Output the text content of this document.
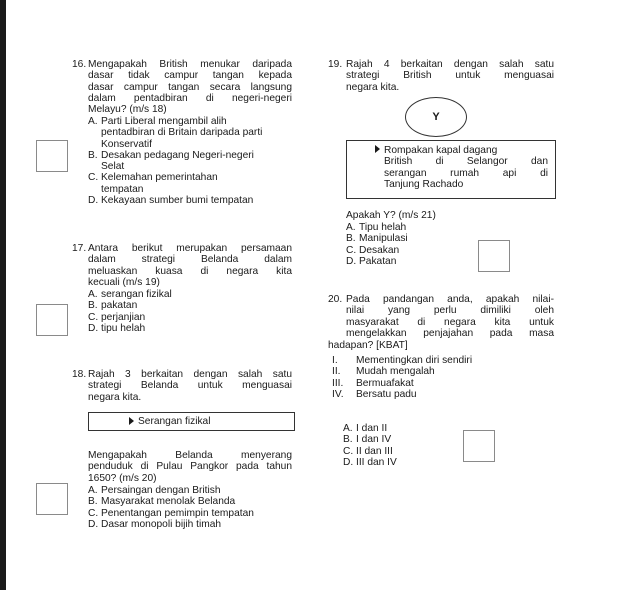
16. Mengapakah British menukar daripada
dasar tidak campur tangan kepada
dasar campur tangan secara langsung
dalam pentadbiran di negeri-negeri
Melayu? (m/s 18)
A. Parti Liberal mengambil alih
pentadbiran di Britain daripada parti
Konservatif
B. Desakan pedagang Negeri-negeri
Selat
C. Kelemahan pemerintahan
tempatan
D. Kekayaan sumber bumi tempatan
17. Antara berikut merupakan persamaan
dalam strategi Belanda dalam
meluaskan kuasa di negara kita
kecuali (m/s 19)
A. serangan fizikal
B. pakatan
C. perjanjian
D. tipu helah
18. Rajah 3 berkaitan dengan salah satu
strategi Belanda untuk menguasai
negara kita.
Serangan fizikal
Mengapakah Belanda menyerang
penduduk di Pulau Pangkor pada tahun
1650? (m/s 20)
A. Persaingan dengan British
B. Masyarakat menolak Belanda
C. Penentangan pemimpin tempatan
D. Dasar monopoli bijih timah
19. Rajah 4 berkaitan dengan salah satu
strategi British untuk menguasai
negara kita.
Y
Rompakan kapal dagang
British di Selangor dan
serangan rumah api di
Tanjung Rachado
Apakah Y? (m/s 21)
A. Tipu helah
B. Manipulasi
C. Desakan
D. Pakatan
20. Pada pandangan anda, apakah nilai-
nilai yang perlu dimiliki oleh
masyarakat di negara kita untuk
mengelakkan penjajahan pada masa
hadapan? [KBAT]
I.	Mementingkan diri sendiri
II.	Mudah mengalah
III.	Bermuafakat
IV.	Bersatu padu
A. I dan II
B. I dan IV
C. II dan III
D. III dan IV
